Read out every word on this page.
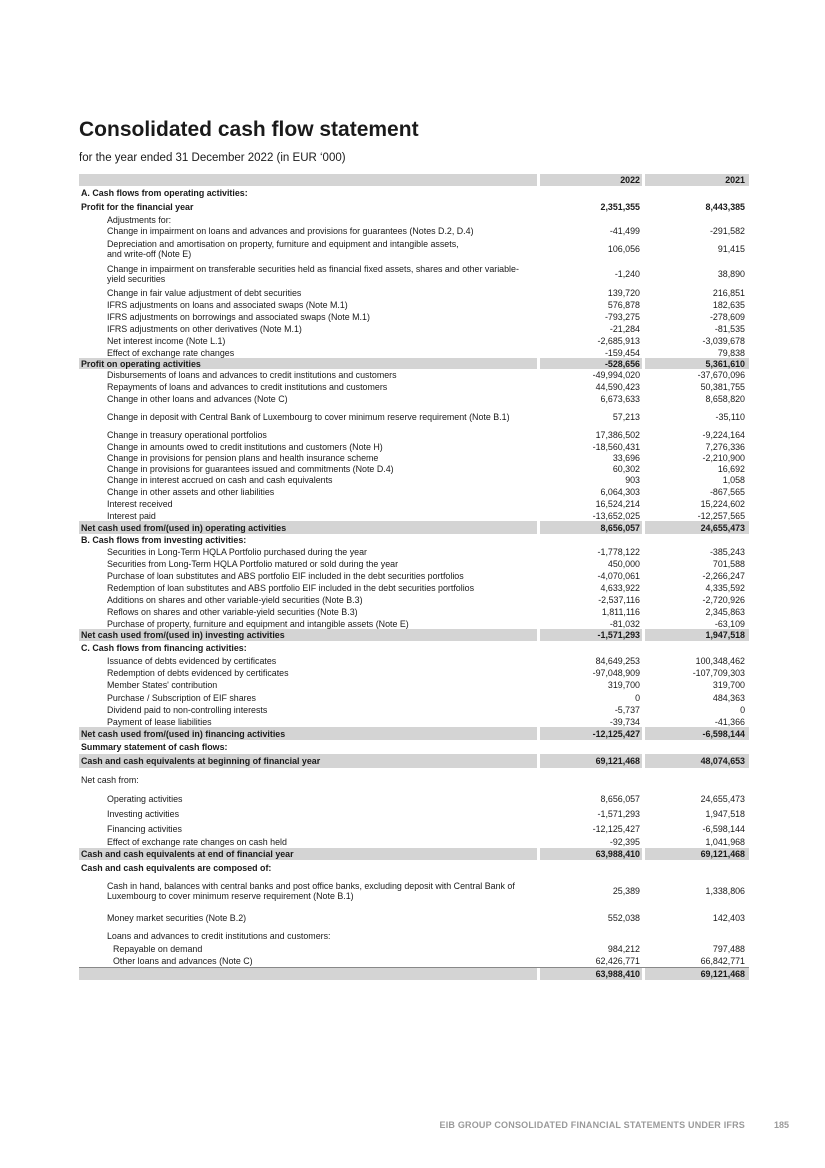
Consolidated cash flow statement
for the year ended 31 December 2022 (in EUR ‘000)
2022	2021
A. Cash flows from operating activities:
Profit for the financial year	2,351,355	8,443,385
Adjustments for:
Change in impairment on loans and advances and provisions for guarantees (Notes D.2, D.4)	-41,499	-291,582
Depreciation and amortisation on property, furniture and equipment and intangible assets,
and write-off (Note E)	106,056	91,415
Change in impairment on transferable securities held as financial fixed assets, shares and other variable-yield securities	-1,240	38,890
Change in fair value adjustment of debt securities	139,720	216,851
IFRS adjustments on loans and associated swaps (Note M.1)	576,878	182,635
IFRS adjustments on borrowings and associated swaps (Note M.1)	-793,275	-278,609
IFRS adjustments on other derivatives (Note M.1)	-21,284	-81,535
Net interest income (Note L.1)	-2,685,913	-3,039,678
Effect of exchange rate changes	-159,454	79,838
Profit on operating activities	-528,656	5,361,610
Disbursements of loans and advances to credit institutions and customers	-49,994,020	-37,670,096
Repayments of loans and advances to credit institutions and customers	44,590,423	50,381,755
Change in other loans and advances (Note C)	6,673,633	8,658,820
Change in deposit with Central Bank of Luxembourg to cover minimum reserve requirement (Note B.1)	57,213	-35,110
Change in treasury operational portfolios	17,386,502	-9,224,164
Change in amounts owed to credit institutions and customers (Note H)	-18,560,431	7,276,336
Change in provisions for pension plans and health insurance scheme	33,696	-2,210,900
Change in provisions for guarantees issued and commitments (Note D.4)	60,302	16,692
Change in interest accrued on cash and cash equivalents	903	1,058
Change in other assets and other liabilities	6,064,303	-867,565
Interest received	16,524,214	15,224,602
Interest paid	-13,652,025	-12,257,565
Net cash used from/(used in) operating activities	8,656,057	24,655,473
B. Cash flows from investing activities:
Securities in Long-Term HQLA Portfolio purchased during the year	-1,778,122	-385,243
Securities from Long-Term HQLA Portfolio matured or sold during the year	450,000	701,588
Purchase of loan substitutes and ABS portfolio EIF included in the debt securities portfolios	-4,070,061	-2,266,247
Redemption of loan substitutes and ABS portfolio EIF included in the debt securities portfolios	4,633,922	4,335,592
Additions on shares and other variable-yield securities (Note B.3)	-2,537,116	-2,720,926
Reflows on shares and other variable-yield securities (Note B.3)	1,811,116	2,345,863
Purchase of property, furniture and equipment and intangible assets (Note E)	-81,032	-63,109
Net cash used from/(used in) investing activities	-1,571,293	1,947,518
C. Cash flows from financing activities:
Issuance of debts evidenced by certificates	84,649,253	100,348,462
Redemption of debts evidenced by certificates	-97,048,909	-107,709,303
Member States' contribution	319,700	319,700
Purchase / Subscription of EIF shares	0	484,363
Dividend paid to non-controlling interests	-5,737	0
Payment of lease liabilities	-39,734	-41,366
Net cash used from/(used in) financing activities	-12,125,427	-6,598,144
Summary statement of cash flows:
Cash and cash equivalents at beginning of financial year	69,121,468	48,074,653
Net cash from:
Operating activities	8,656,057	24,655,473
Investing activities	-1,571,293	1,947,518
Financing activities	-12,125,427	-6,598,144
Effect of exchange rate changes on cash held	-92,395	1,041,968
Cash and cash equivalents at end of financial year	63,988,410	69,121,468
Cash and cash equivalents are composed of:
Cash in hand, balances with central banks and post office banks, excluding deposit with Central Bank of Luxembourg to cover minimum reserve requirement (Note B.1)	25,389	1,338,806
Money market securities (Note B.2)	552,038	142,403
Loans and advances to credit institutions and customers:
Repayable on demand	984,212	797,488
Other loans and advances (Note C)	62,426,771	66,842,771
63,988,410	69,121,468
EIB GROUP CONSOLIDATED FINANCIAL STATEMENTS UNDER IFRS	185
